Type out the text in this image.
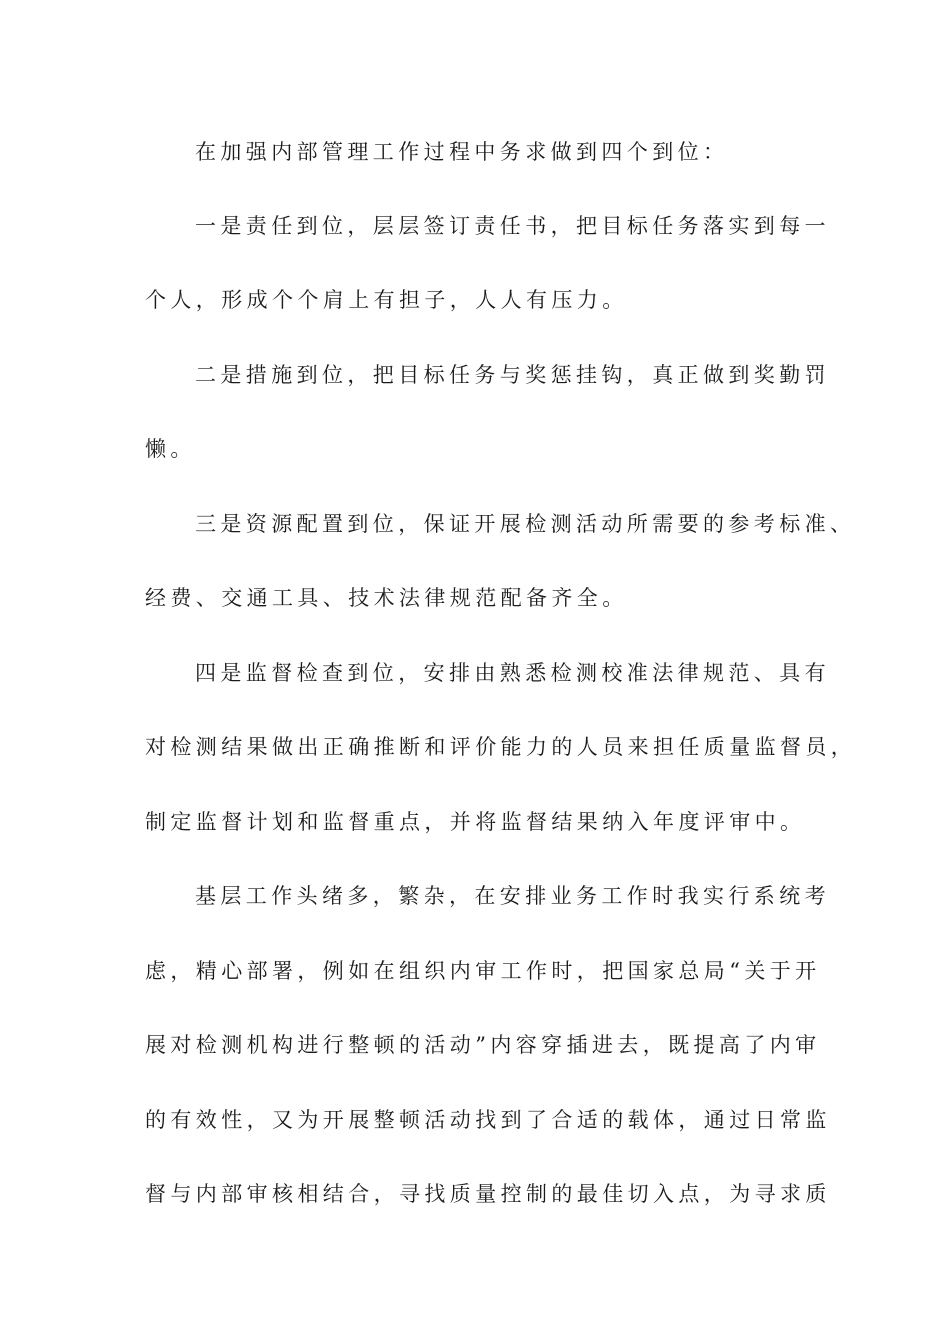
在加强内部管理工作过程中务求做到四个到位：
一是责任到位，层层签订责任书，把目标任务落实到每一
个人，形成个个肩上有担子，人人有压力。
二是措施到位，把目标任务与奖惩挂钩，真正做到奖勤罚
懒。
三是资源配置到位，保证开展检测活动所需要的参考标准、
经费、交通工具、技术法律规范配备齐全。
四是监督检查到位，安排由熟悉检测校准法律规范、具有
对检测结果做出正确推断和评价能力的人员来担任质量监督员，
制定监督计划和监督重点，并将监督结果纳入年度评审中。
基层工作头绪多，繁杂，在安排业务工作时我实行系统考
虑，精心部署，例如在组织内审工作时，把国家总局“关于开
展对检测机构进行整顿的活动”内容穿插进去，既提高了内审
的有效性，又为开展整顿活动找到了合适的载体，通过日常监
督与内部审核相结合，寻找质量控制的最佳切入点，为寻求质
